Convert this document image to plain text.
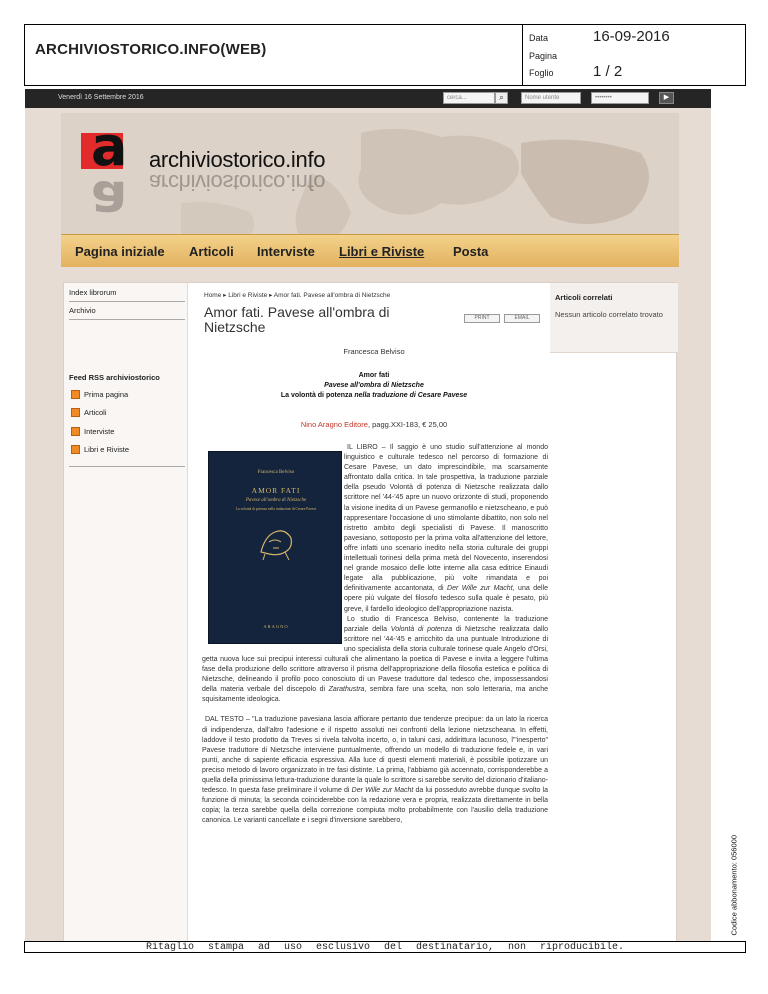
ARCHIVIOSTORICO.INFO(WEB)
Data	16-09-2016
Pagina
Foglio	1 / 2
Venerdì 16 Settembre 2016	cerca...	⌕	Nome utente	••••••••	▶
a
a
archiviostorico.info
archiviostorico.info
Pagina iniziale Articoli Interviste Libri e Riviste Posta
Index librorum
Archivio
Feed RSS archiviostorico
Prima pagina
Articoli
Interviste
Libri e Riviste
Home ▸ Libri e Riviste ▸ Amor fati. Pavese all'ombra di Nietzsche
Amor fati. Pavese all'ombra di Nietzsche
PRINT	EMAIL
Francesca Belviso
Amor fati
Pavese all'ombra di Nietzsche
La volontà di potenza nella traduzione di Cesare Pavese
Nino Aragno Editore, pagg.XXI-183, € 25,00

IL LIBRO – Il saggio è uno studio sull'attenzione al mondo linguistico e culturale tedesco nel percorso di formazione di Cesare Pavese, un dato imprescindibile, ma scarsamente affrontato dalla critica. In tale prospettiva, la traduzione parziale della pseudo Volontà di potenza di Nietzsche realizzata dallo scrittore nel '44-'45 apre un nuovo orizzonte di studi, proponendo la visione inedita di un Pavese germanofilo e nietzscheano, e può rappresentare l'occasione di uno stimolante dibattito, non solo nel ristretto ambito degli specialisti di Pavese. Il manoscritto pavesiano, sottoposto per la prima volta all'attenzione del lettore, offre infatti uno scenario inedito nella storia culturale dei gruppi intellettuali torinesi della prima metà del Novecento, inserendosi nel grande mosaico delle lotte interne alla casa editrice Einaudi legate alla pubblicazione, più volte rimandata e poi definitivamente accantonata, di Der Wille zur Macht, una delle opere più vulgate del filosofo tedesco sulla quale è pesato, più greve, il fardello ideologico dell'appropriazione nazista.

Lo studio di Francesca Belviso, contenente la traduzione parziale della Volontà di potenza di Nietzsche realizzata dallo scrittore nel '44-'45 e arricchito da una puntuale Introduzione di uno specialista della storia culturale torinese quale Angelo d'Orsi, getta nuova luce sui precipui interessi culturali che alimentano la poetica di Pavese e invita a leggere l'ultima fase della produzione dello scrittore attraverso il prisma dell'appropriazione della filosofia estetica e politica di Nietzsche, delineando il profilo poco conosciuto di un Pavese traduttore dal tedesco che, impossessandosi della materia verbale del discepolo di Zarathustra, sembra fare una scelta, non solo letteraria, ma anche squisitamente ideologica.

DAL TESTO – "La traduzione pavesiana lascia affiorare pertanto due tendenze precipue: da un lato la ricerca di indipendenza, dall'altro l'adesione e il rispetto assoluti nei confronti della lezione nietzscheana. In effetti, laddove il testo prodotto da Treves si rivela talvolta incerto, o, in taluni casi, addirittura lacunoso, l'"inesperto" Pavese traduttore di Nietzsche interviene puntualmente, offrendo un modello di traduzione fedele e, in vari punti, anche di sapiente efficacia espressiva. Alla luce di questi elementi materiali, è possibile ipotizzare un preciso metodo di lavoro organizzato in tre fasi distinte. La prima, l'abbiamo già accennato, corrisponderebbe a quella della primissima lettura-traduzione durante la quale lo scrittore si sarebbe servito del dizionario d'italiano-tedesco. In questa fase preliminare il volume di Der Wille zur Macht da lui posseduto avrebbe dunque svolto la funzione di minuta; la seconda coinciderebbe con la redazione vera e propria, realizzata direttamente in bella copia; la terza sarebbe quella della correzione compiuta molto probabilmente con l'ausilio della traduzione canonica. Le varianti cancellate e i segni d'inversione sarebbero,

Francesca Belviso
AMOR FATI
Pavese all'ombra di Nietzsche
La volontà di potenza nella traduzione di Cesare Pavese
ARAGNO
Articoli correlati
Nessun articolo correlato trovato
Codice abbonamento: 056000
Ritaglio stampa ad uso esclusivo del destinatario, non riproducibile.
